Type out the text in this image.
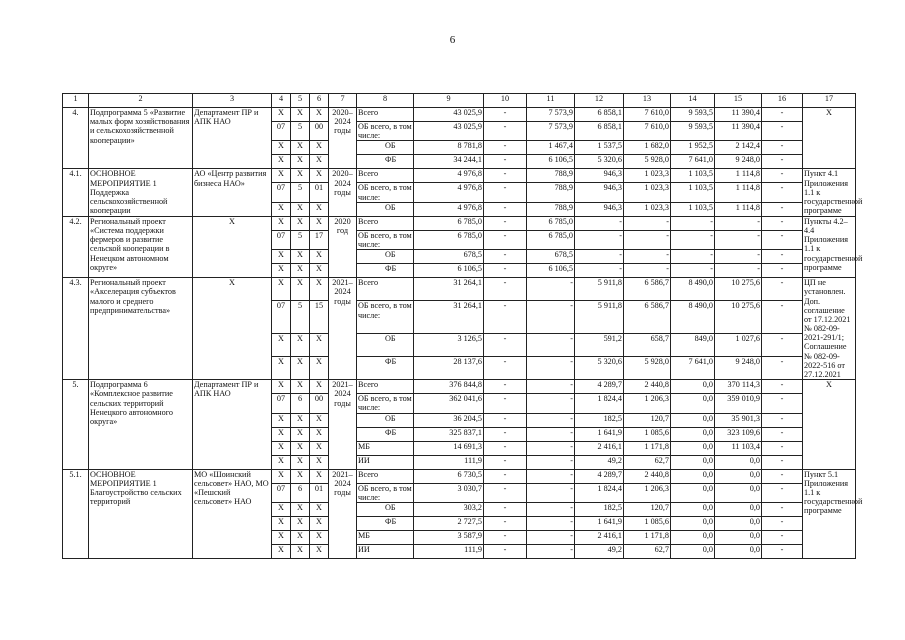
6
1	2	3	4	5	6	7	8	9	10	11	12	13	14	15	16	17
4.	Подпрограмма 5 «Развитие малых форм хозяйствования и сельскохозяйственной кооперации»	Департамент ПР и АПК НАО	Х	Х	Х	2020–2024 годы	Всего	43 025,9	-	7 573,9	6 858,1	7 610,0	9 593,5	11 390,4	-	Х
			07	5	00		ОБ всего, в том числе:	43 025,9	-	7 573,9	6 858,1	7 610,0	9 593,5	11 390,4	-	
			Х	Х	Х		ОБ	8 781,8	-	1 467,4	1 537,5	1 682,0	1 952,5	2 142,4	-	
			Х	Х	Х		ФБ	34 244,1	-	6 106,5	5 320,6	5 928,0	7 641,0	9 248,0	-	
4.1.	ОСНОВНОЕ МЕРОПРИЯТИЕ 1 Поддержка сельскохозяйственной кооперации	АО «Центр развития бизнеса НАО»	Х	Х	Х	2020–2024 годы	Всего	4 976,8	-	788,9	946,3	1 023,3	1 103,5	1 114,8	-	Пункт 4.1 Приложения 1.1 к государственной программе
			07	5	01		ОБ всего, в том числе:	4 976,8	-	788,9	946,3	1 023,3	1 103,5	1 114,8	-	
			Х	Х	Х		ОБ	4 976,8	-	788,9	946,3	1 023,3	1 103,5	1 114,8	-	
4.2.	Региональный проект «Система поддержки фермеров и развитие сельской кооперации в Ненецком автономном округе»	Х	Х	Х	Х	2020 год	Всего	6 785,0	-	6 785,0	-	-	-	-	-	Пункты 4.2–4.4 Приложения 1.1 к государственной программе
			07	5	17		ОБ всего, в том числе:	6 785,0	-	6 785,0	-	-	-	-	-	
			Х	Х	Х		ОБ	678,5	-	678,5	-	-	-	-	-	
			Х	Х	Х		ФБ	6 106,5	-	6 106,5	-	-	-	-	-	
4.3.	Региональный проект «Акселерация субъектов малого и среднего предпринимательства»	Х	Х	Х	Х	2021–2024 годы	Всего	31 264,1	-	-	5 911,8	6 586,7	8 490,0	10 275,6	-	ЦП не установлен. Доп. соглашение от 17.12.2021 № 082-09-2021-291/1; Соглашение № 082-09-2022-516 от 27.12.2021
			07	5	15		ОБ всего, в том числе:	31 264,1	-	-	5 911,8	6 586,7	8 490,0	10 275,6	-	
			Х	Х	Х		ОБ	3 126,5	-	-	591,2	658,7	849,0	1 027,6	-	
			Х	Х	Х		ФБ	28 137,6	-	-	5 320,6	5 928,0	7 641,0	9 248,0	-	
5.	Подпрограмма 6 «Комплексное развитие сельских территорий Ненецкого автономного округа»	Департамент ПР и АПК НАО	Х	Х	Х	2021–2024 годы	Всего	376 844,8	-	-	4 289,7	2 440,8	0,0	370 114,3	-	Х
			07	6	00		ОБ всего, в том числе:	362 041,6	-	-	1 824,4	1 206,3	0,0	359 010,9	-	
			Х	Х	Х		ОБ	36 204,5	-	-	182,5	120,7	0,0	35 901,3	-	
			Х	Х	Х		ФБ	325 837,1	-	-	1 641,9	1 085,6	0,0	323 109,6	-	
			Х	Х	Х		МБ	14 691,3	-	-	2 416,1	1 171,8	0,0	11 103,4	-	
			Х	Х	Х		ИИ	111,9	-	-	49,2	62,7	0,0	0,0	-	
5.1.	ОСНОВНОЕ МЕРОПРИЯТИЕ 1 Благоустройство сельских территорий	МО «Шоинский сельсовет» НАО, МО «Пешский сельсовет» НАО	Х	Х	Х	2021–2024 годы	Всего	6 730,5	-	-	4 289,7	2 440,8	0,0	0,0	-	Пункт 5.1 Приложения 1.1 к государственной программе
			07	6	01		ОБ всего, в том числе:	3 030,7	-	-	1 824,4	1 206,3	0,0	0,0	-	
			Х	Х	Х		ОБ	303,2	-	-	182,5	120,7	0,0	0,0	-	
			Х	Х	Х		ФБ	2 727,5	-	-	1 641,9	1 085,6	0,0	0,0	-	
			Х	Х	Х		МБ	3 587,9	-	-	2 416,1	1 171,8	0,0	0,0	-	
			Х	Х	Х		ИИ	111,9	-	-	49,2	62,7	0,0	0,0	-	
